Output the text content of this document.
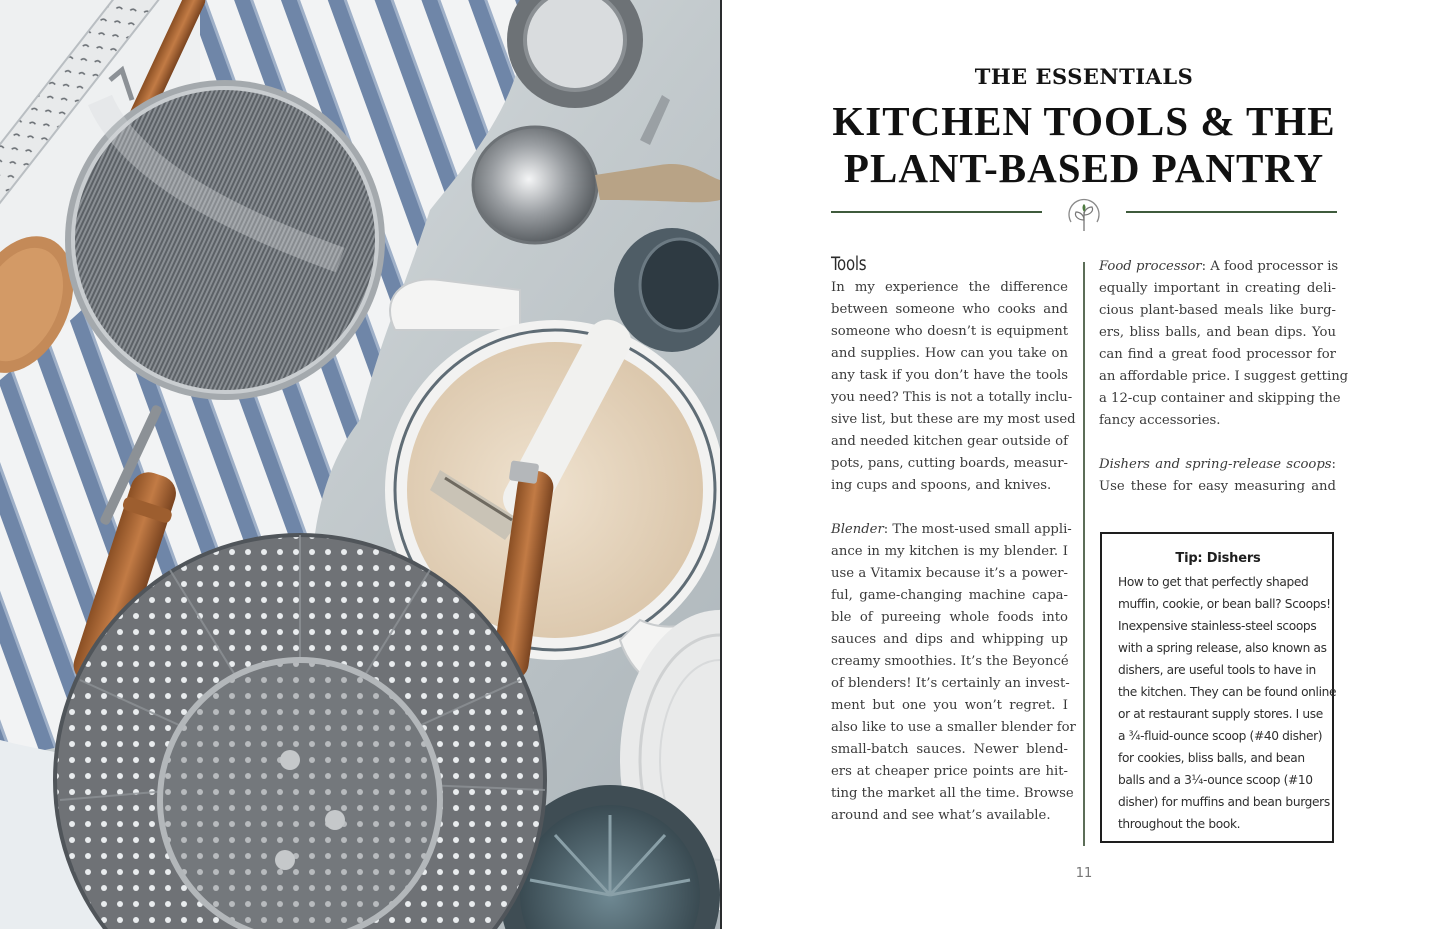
THE ESSENTIALS
KITCHEN TOOLS & THE
PLANT-BASED PANTRY
Tools
In my experience the difference
between someone who cooks and
someone who doesn’t is equipment
and supplies. How can you take on
any task if you don’t have the tools
you need? This is not a totally inclu-
sive list, but these are my most used
and needed kitchen gear outside of
pots, pans, cutting boards, measur-
ing cups and spoons, and knives.
Blender: The most-used small appli-
ance in my kitchen is my blender. I
use a Vitamix because it’s a power-
ful, game-changing machine capa-
ble of pureeing whole foods into
sauces and dips and whipping up
creamy smoothies. It’s the Beyoncé
of blenders! It’s certainly an invest-
ment but one you won’t regret. I
also like to use a smaller blender for
small-batch sauces. Newer blend-
ers at cheaper price points are hit-
ting the market all the time. Browse
around and see what’s available.
Food processor: A food processor is
equally important in creating deli-
cious plant-based meals like burg-
ers, bliss balls, and bean dips. You
can find a great food processor for
an affordable price. I suggest getting
a 12-cup container and skipping the
fancy accessories.
Dishers and spring-release scoops:
Use these for easy measuring and
Tip: Dishers
How to get that perfectly shaped
muffin, cookie, or bean ball? Scoops!
Inexpensive stainless-steel scoops
with a spring release, also known as
dishers, are useful tools to have in
the kitchen. They can be found online
or at restaurant supply stores. I use
a ¾-fluid-ounce scoop (#40 disher)
for cookies, bliss balls, and bean
balls and a 3¼-ounce scoop (#10
disher) for muffins and bean burgers
throughout the book.
11
